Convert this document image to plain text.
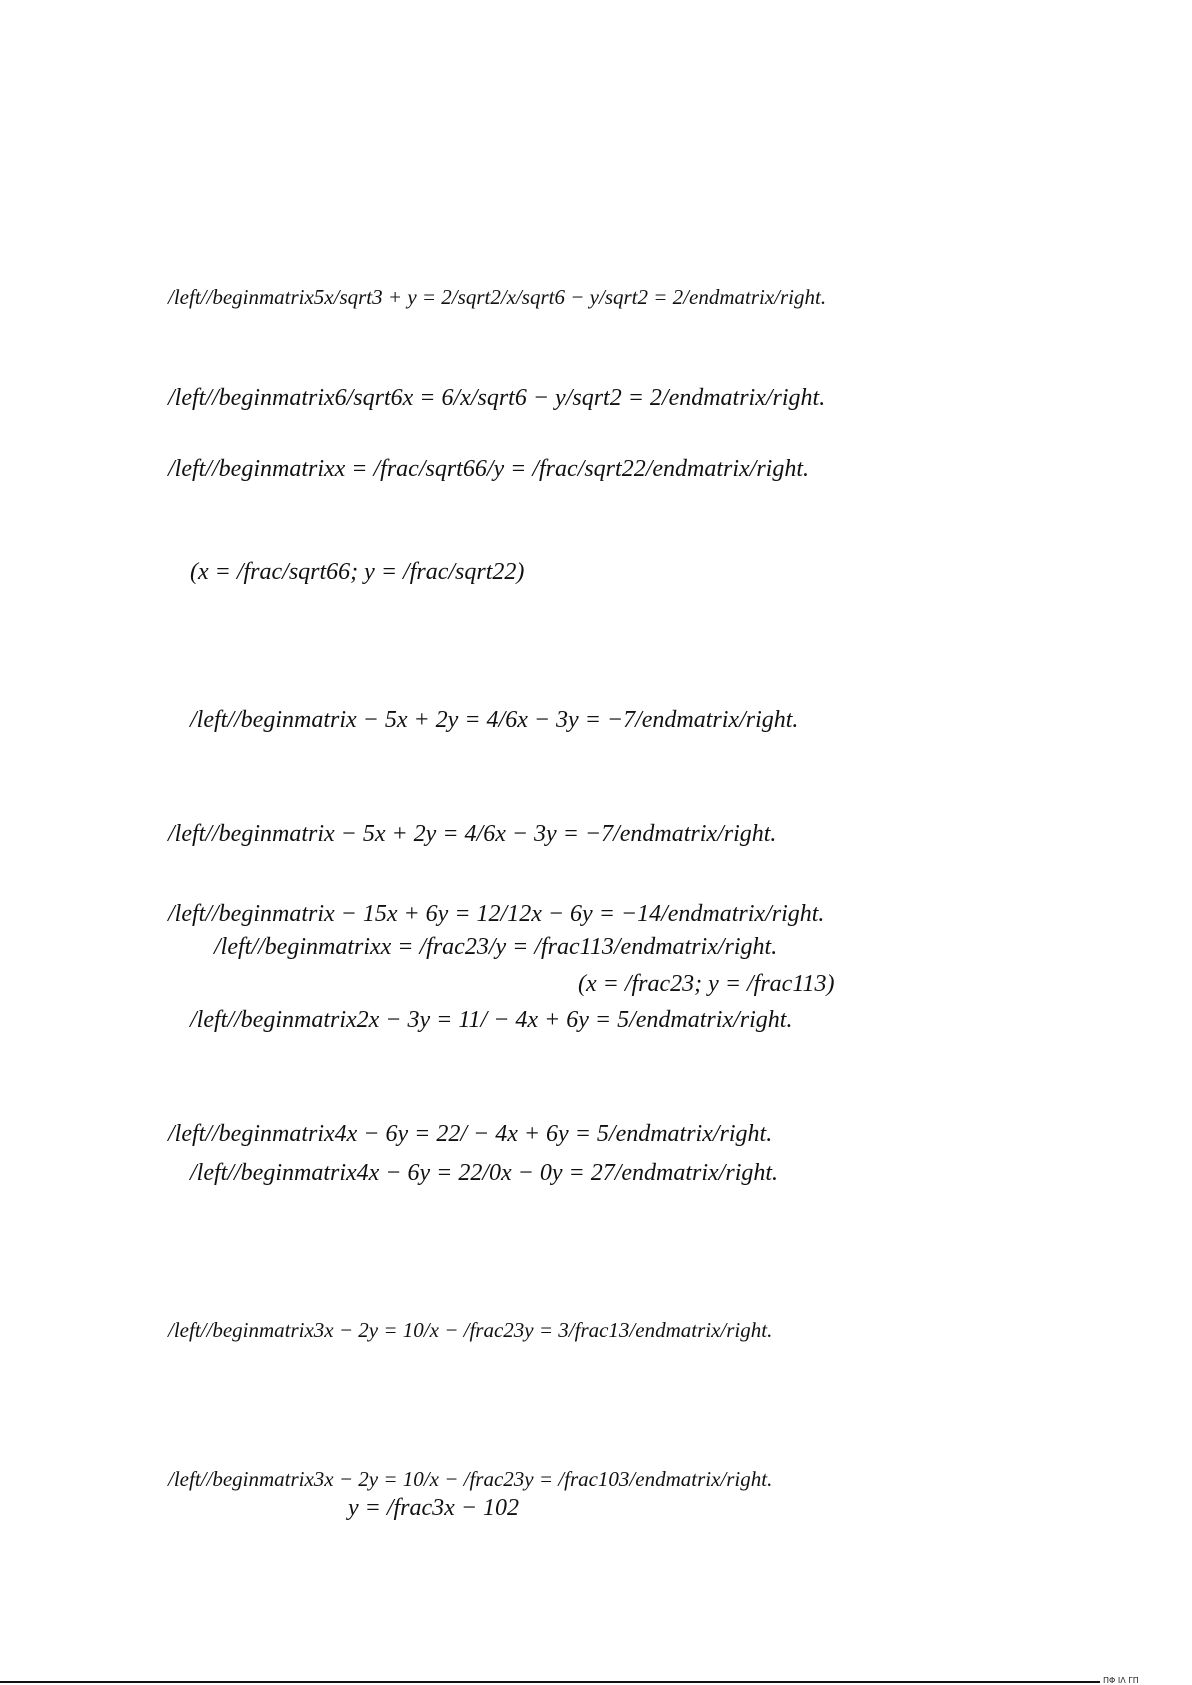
/left//beginmatrix5x/sqrt3 + y = 2/sqrt2/x/sqrt6 − y/sqrt2 = 2/endmatrix/right.
/left//beginmatrix6/sqrt6x = 6/x/sqrt6 − y/sqrt2 = 2/endmatrix/right.
/left//beginmatrixx = /frac/sqrt66/y = /frac/sqrt22/endmatrix/right.
(x = /frac/sqrt66; y = /frac/sqrt22)
/left//beginmatrix − 5x + 2y = 4/6x − 3y = −7/endmatrix/right.
/left//beginmatrix − 5x + 2y = 4/6x − 3y = −7/endmatrix/right.
/left//beginmatrix − 15x + 6y = 12/12x − 6y = −14/endmatrix/right.
/left//beginmatrixx = /frac23/y = /frac113/endmatrix/right.
(x = /frac23; y = /frac113)
/left//beginmatrix2x − 3y = 11/ − 4x + 6y = 5/endmatrix/right.
/left//beginmatrix4x − 6y = 22/ − 4x + 6y = 5/endmatrix/right.
/left//beginmatrix4x − 6y = 22/0x − 0y = 27/endmatrix/right.
/left//beginmatrix3x − 2y = 10/x − /frac23y = 3/frac13/endmatrix/right.
/left//beginmatrix3x − 2y = 10/x − /frac23y = /frac103/endmatrix/right.
y = /frac3x − 102
ΠΦ ΙΛ ΓΠ
